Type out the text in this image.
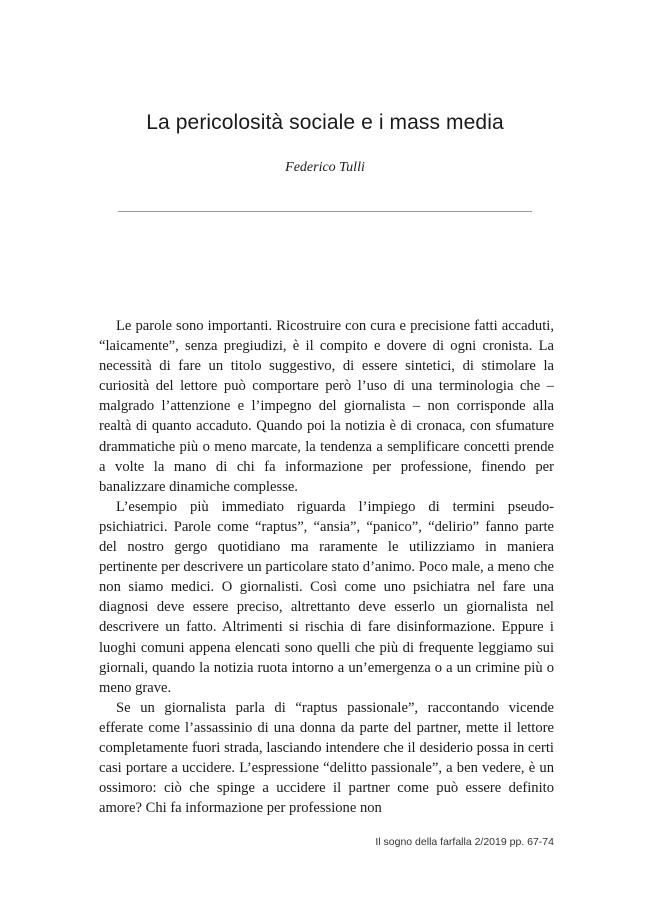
La pericolosità sociale e i mass media
Federico Tulli

Le parole sono importanti. Ricostruire con cura e precisione fatti accaduti, “laicamente”, senza pregiudizi, è il compito e dovere di ogni cronista. La necessità di fare un titolo suggestivo, di essere sintetici, di stimolare la curiosità del lettore può comportare però l’uso di una terminologia che – malgrado l’attenzione e l’impegno del giornalista – non corrisponde alla realtà di quanto accaduto. Quando poi la notizia è di cronaca, con sfumature drammatiche più o meno marcate, la tendenza a semplificare concetti prende a volte la mano di chi fa informazione per professione, finendo per banalizzare dinamiche complesse.

L’esempio più immediato riguarda l’impiego di termini pseudo-psichiatrici. Parole come “raptus”, “ansia”, “panico”, “delirio” fanno parte del nostro gergo quotidiano ma raramente le utilizziamo in maniera pertinente per descrivere un particolare stato d’animo. Poco male, a meno che non siamo medici. O giornalisti. Così come uno psichiatra nel fare una diagnosi deve essere preciso, altrettanto deve esserlo un giornalista nel descrivere un fatto. Altrimenti si rischia di fare disinformazione. Eppure i luoghi comuni appena elencati sono quelli che più di frequente leggiamo sui giornali, quando la notizia ruota intorno a un’emergenza o a un crimine più o meno grave.

Se un giornalista parla di “raptus passionale”, raccontando vicende efferate come l’assassinio di una donna da parte del partner, mette il lettore completamente fuori strada, lasciando intendere che il desiderio possa in certi casi portare a uccidere. L’espressione “delitto passionale”, a ben vedere, è un ossimoro: ciò che spinge a uccidere il partner come può essere definito amore? Chi fa informazione per professione non

Il sogno della farfalla 2/2019 pp. 67-74
